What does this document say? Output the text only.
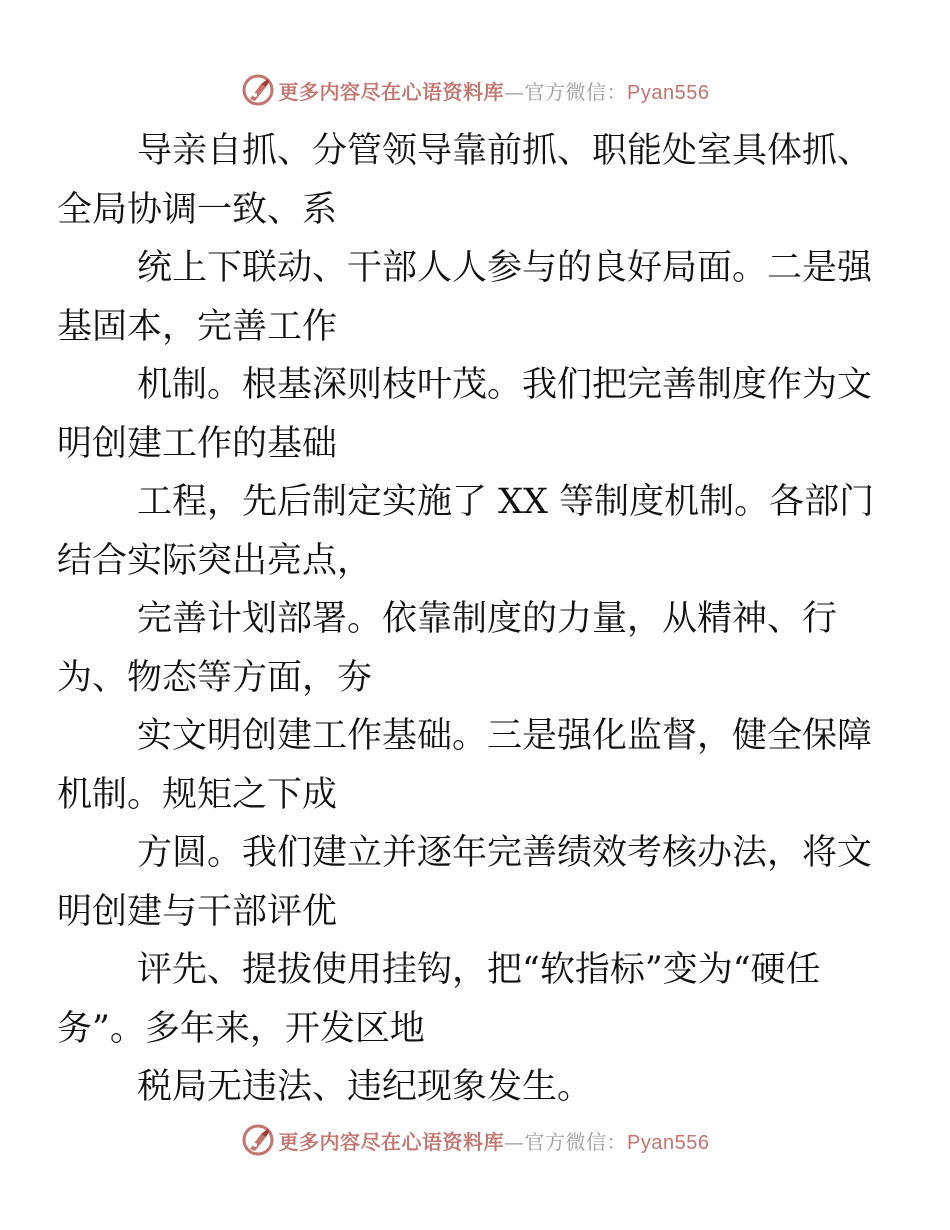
更多内容尽在心语资料库—官方微信：Pyan556

导亲自抓、分管领导靠前抓、职能处室具体抓、
全局协调一致、系

统上下联动、干部人人参与的良好局面。二是强
基固本，完善工作

机制。根基深则枝叶茂。我们把完善制度作为文
明创建工作的基础

工程，先后制定实施了 XX 等制度机制。各部门
结合实际突出亮点，

完善计划部署。依靠制度的力量，从精神、行
为、物态等方面，夯

实文明创建工作基础。三是强化监督，健全保障
机制。规矩之下成

方圆。我们建立并逐年完善绩效考核办法，将文
明创建与干部评优

评先、提拔使用挂钩，把“软指标”变为“硬任
务”。多年来，开发区地

税局无违法、违纪现象发生。

更多内容尽在心语资料库—官方微信：Pyan556
